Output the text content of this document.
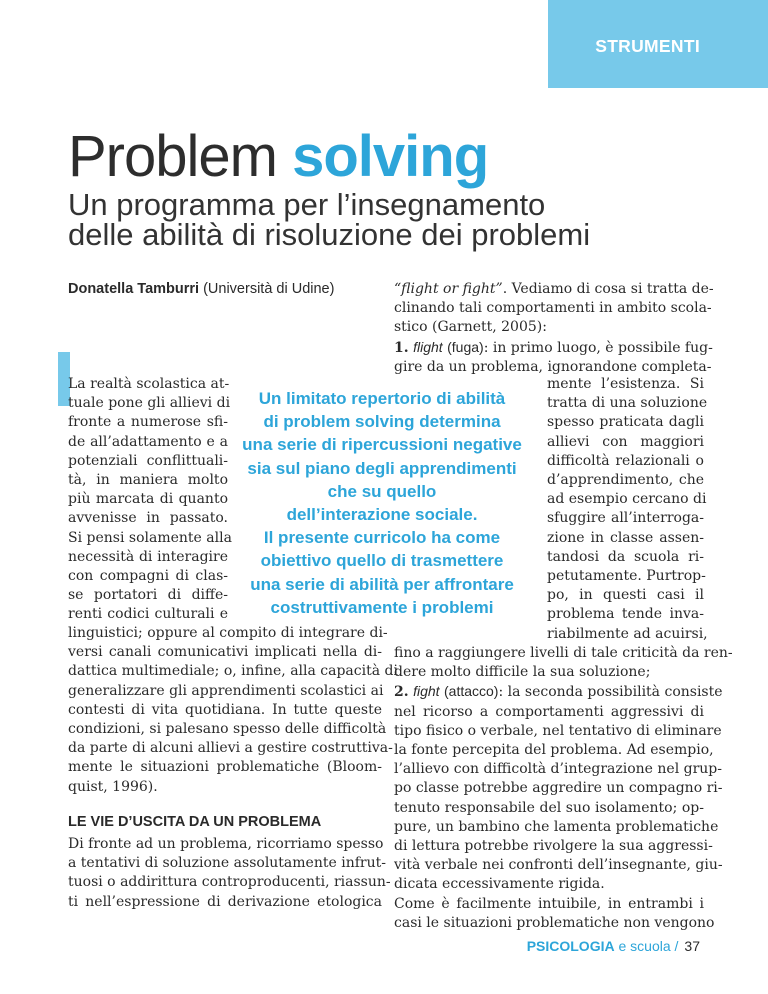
STRUMENTI
Problem solving
Un programma per l’insegnamento
delle abilità di risoluzione dei problemi
Donatella Tamburri (Università di Udine)
La realtà scolastica at-
tuale pone gli allievi di
fronte a numerose sfi-
de all’adattamento e a
potenziali conflittuali-
tà, in maniera molto
più marcata di quanto
avvenisse in passato.
Si pensi solamente alla
necessità di interagire
con compagni di clas-
se portatori di diffe-
renti codici culturali e
linguistici; oppure al compito di integrare di-
versi canali comunicativi implicati nella di-
dattica multimediale; o, infine, alla capacità di
generalizzare gli apprendimenti scolastici ai
contesti di vita quotidiana. In tutte queste
condizioni, si palesano spesso delle difficoltà
da parte di alcuni allievi a gestire costruttiva-
mente le situazioni problematiche (Bloom-
quist, 1996).
Un limitato repertorio di abilità
di problem solving determina
una serie di ripercussioni negative
sia sul piano degli apprendimenti
che su quello
dell’interazione sociale.
Il presente curricolo ha come
obiettivo quello di trasmettere
una serie di abilità per affrontare
costruttivamente i problemi
LE VIE D’USCITA DA UN PROBLEMA
Di fronte ad un problema, ricorriamo spesso
a tentativi di soluzione assolutamente infrut-
tuosi o addirittura controproducenti, riassun-
ti nell’espressione di derivazione etologica
“flight or fight”. Vediamo di cosa si tratta de-
clinando tali comportamenti in ambito scola-
stico (Garnett, 2005):
1. flight (fuga): in primo luogo, è possibile fug-
gire da un problema, ignorandone completa-
mente l’esistenza. Si
tratta di una soluzione
spesso praticata dagli
allievi con maggiori
difficoltà relazionali o
d’apprendimento, che
ad esempio cercano di
sfuggire all’interroga-
zione in classe assen-
tandosi da scuola ri-
petutamente. Purtrop-
po, in questi casi il
problema tende inva-
riabilmente ad acuirsi,
fino a raggiungere livelli di tale criticità da ren-
dere molto difficile la sua soluzione;
2. fight (attacco): la seconda possibilità consiste
nel ricorso a comportamenti aggressivi di
tipo fisico o verbale, nel tentativo di eliminare
la fonte percepita del problema. Ad esempio,
l’allievo con difficoltà d’integrazione nel grup-
po classe potrebbe aggredire un compagno ri-
tenuto responsabile del suo isolamento; op-
pure, un bambino che lamenta problematiche
di lettura potrebbe rivolgere la sua aggressi-
vità verbale nei confronti dell’insegnante, giu-
dicata eccessivamente rigida.
Come è facilmente intuibile, in entrambi i
casi le situazioni problematiche non vengono
PSICOLOGIA e scuola / 37
